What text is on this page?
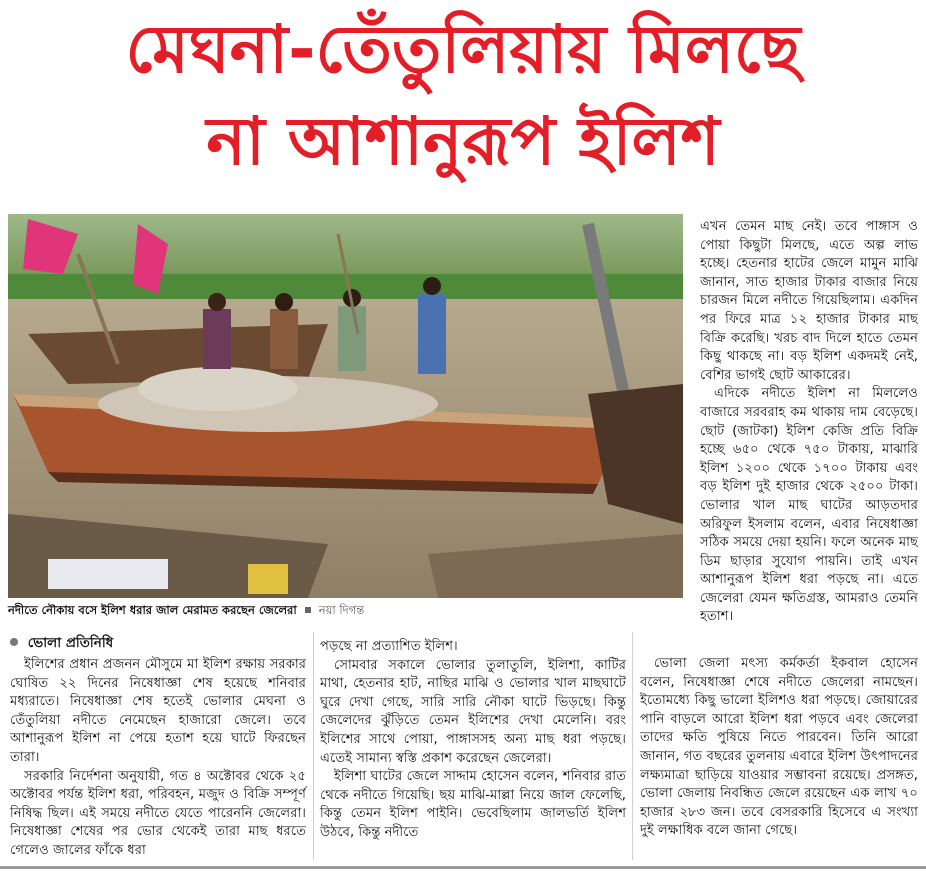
মেঘনা-তেঁতুলিয়ায় মিলছে
না আশানুরূপ ইলিশ
নদীতে নৌকায় বসে ইলিশ ধরার জাল মেরামত করছেন জেলেরা নয়া দিগন্ত

এখন তেমন মাছ নেই। তবে পাঙ্গাস ও পোয়া কিছুটা মিলছে, এতে অল্প লাভ হচ্ছে। হেতনার হাটের জেলে মামুন মাঝি জানান, সাত হাজার টাকার বাজার নিয়ে চারজন মিলে নদীতে গিয়েছিলাম। একদিন পর ফিরে মাত্র ১২ হাজার টাকার মাছ বিক্রি করেছি। খরচ বাদ দিলে হাতে তেমন কিছু থাকছে না। বড় ইলিশ একদমই নেই, বেশির ভাগই ছোট আকারের।

এদিকে নদীতে ইলিশ না মিললেও বাজারে সরবরাহ কম থাকায় দাম বেড়েছে। ছোট (জাটকা) ইলিশ কেজি প্রতি বিক্রি হচ্ছে ৬৫০ থেকে ৭৫০ টাকায়, মাঝারি ইলিশ ১২০০ থেকে ১৭০০ টাকায় এবং বড় ইলিশ দুই হাজার থেকে ২৫০০ টাকা। ভোলার খাল মাছ ঘাটের আড়তদার অরিফুল ইসলাম বলেন, এবার নিষেধাজ্ঞা সঠিক সময়ে দেয়া হয়নি। ফলে অনেক মাছ ডিম ছাড়ার সুযোগ পায়নি। তাই এখন আশানুরূপ ইলিশ ধরা পড়ছে না। এতে জেলেরা যেমন ক্ষতিগ্রস্ত, আমরাও তেমনি হতাশ।

ভোলা প্রতিনিধি

ইলিশের প্রধান প্রজনন মৌসুমে মা ইলিশ রক্ষায় সরকার ঘোষিত ২২ দিনের নিষেধাজ্ঞা শেষ হয়েছে শনিবার মধ্যরাতে। নিষেধাজ্ঞা শেষ হতেই ভোলার মেঘনা ও তেঁতুলিয়া নদীতে নেমেছেন হাজারো জেলে। তবে আশানুরূপ ইলিশ না পেয়ে হতাশ হয়ে ঘাটে ফিরছেন তারা।

সরকারি নির্দেশনা অনুযায়ী, গত ৪ অক্টোবর থেকে ২৫ অক্টোবর পর্যন্ত ইলিশ ধরা, পরিবহন, মজুদ ও বিক্রি সম্পূর্ণ নিষিদ্ধ ছিল। এই সময়ে নদীতে যেতে পারেননি জেলেরা। নিষেধাজ্ঞা শেষের পর ভোর থেকেই তারা মাছ ধরতে গেলেও জালের ফাঁকে ধরা

পড়ছে না প্রত্যাশিত ইলিশ।

সোমবার সকালে ভোলার তুলাতুলি, ইলিশা, কাটির মাথা, হেতনার হাট, নাছির মাঝি ও ভোলার খাল মাছঘাটে ঘুরে দেখা গেছে, সারি সারি নৌকা ঘাটে ভিড়ছে। কিন্তু জেলেদের ঝুঁড়িতে তেমন ইলিশের দেখা মেলেনি। বরং ইলিশের সাথে পোয়া, পাঙ্গাসসহ অন্য মাছ ধরা পড়ছে। এতেই সামান্য স্বস্তি প্রকাশ করেছেন জেলেরা।

ইলিশা ঘাটের জেলে সাদ্দাম হোসেন বলেন, শনিবার রাত থেকে নদীতে গিয়েছি। ছয় মাঝি-মাল্লা নিয়ে জাল ফেলেছি, কিন্তু তেমন ইলিশ পাইনি। ভেবেছিলাম জালভর্তি ইলিশ উঠবে, কিন্তু নদীতে

ভোলা জেলা মৎস্য কর্মকর্তা ইকবাল হোসেন বলেন, নিষেধাজ্ঞা শেষে নদীতে জেলেরা নামছেন। ইতোমধ্যে কিছু ভালো ইলিশও ধরা পড়ছে। জোয়ারের পানি বাড়লে আরো ইলিশ ধরা পড়বে এবং জেলেরা তাদের ক্ষতি পুষিয়ে নিতে পারবেন। তিনি আরো জানান, গত বছরের তুলনায় এবারে ইলিশ উৎপাদনের লক্ষ্যমাত্রা ছাড়িয়ে যাওয়ার সম্ভাবনা রয়েছে। প্রসঙ্গত, ভোলা জেলায় নিবন্ধিত জেলে রয়েছেন এক লাখ ৭০ হাজার ২৮৩ জন। তবে বেসরকারি হিসেবে এ সংখ্যা দুই লক্ষাধিক বলে জানা গেছে।
